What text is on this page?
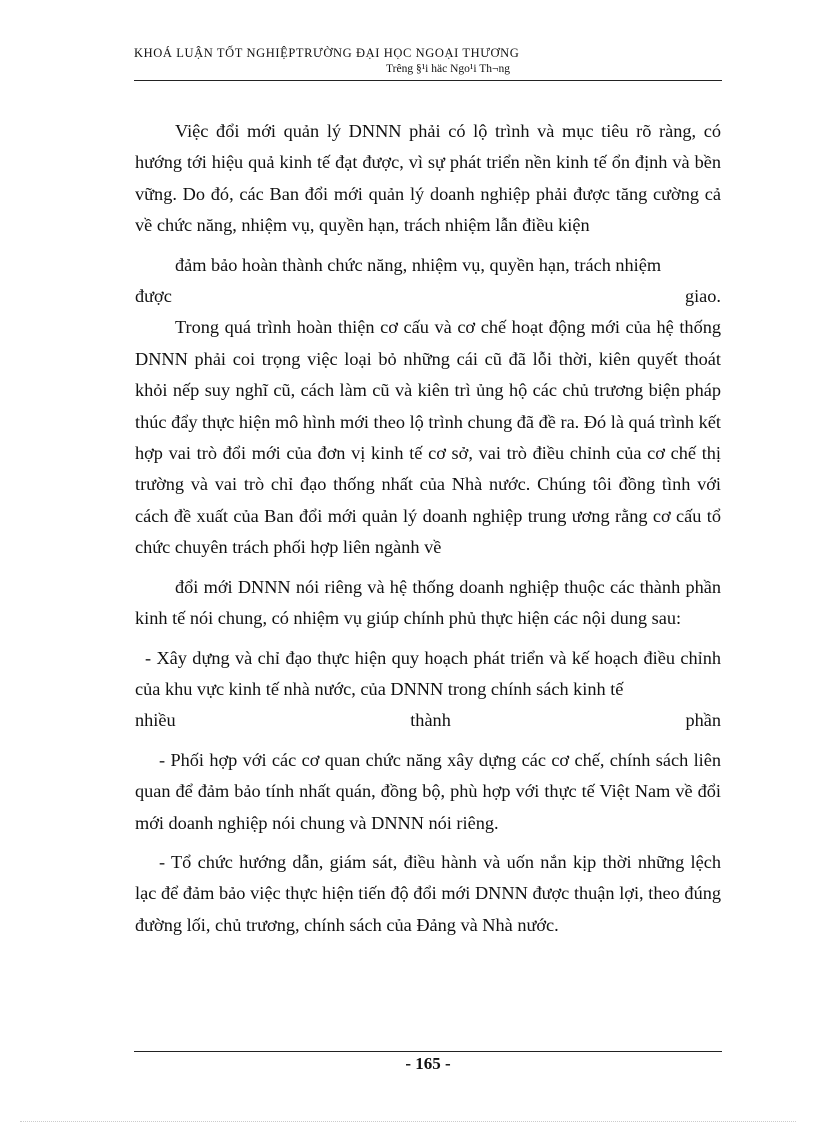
KHOÁ LUẬN TỐT NGHIỆPTRƯỜNG ĐẠI HỌC NGOẠI THƯƠNG
Trêng §¹i häc Ngo¹i Th¬ng

Việc đổi mới quản lý DNNN phải có lộ trình và mục tiêu rõ ràng, có hướng tới hiệu quả kinh tế đạt được, vì sự phát triển nền kinh tế ổn định và bền vững. Do đó, các Ban đổi mới quản lý doanh nghiệp phải được tăng cường cả về chức năng, nhiệm vụ, quyền hạn, trách nhiệm lẫn điều kiện

đảm bảo hoàn thành chức năng, nhiệm vụ, quyền hạn, trách nhiệm

được	giao.

Trong quá trình hoàn thiện cơ cấu và cơ chế hoạt động mới của hệ thống DNNN phải coi trọng việc loại bỏ những cái cũ đã lỗi thời, kiên quyết thoát khỏi nếp suy nghĩ cũ, cách làm cũ và kiên trì ủng hộ các chủ trương biện pháp thúc đẩy thực hiện mô hình mới theo lộ trình chung đã đề ra. Đó là quá trình kết hợp vai trò đổi mới của đơn vị kinh tế cơ sở, vai trò điều chỉnh của cơ chế thị trường và vai trò chỉ đạo thống nhất của Nhà nước. Chúng tôi đồng tình với cách đề xuất của Ban đổi mới quản lý doanh nghiệp trung ương rằng cơ cấu tổ chức chuyên trách phối hợp liên ngành về

đổi mới DNNN nói riêng và hệ thống doanh nghiệp thuộc các thành phần kinh tế nói chung, có nhiệm vụ giúp chính phủ thực hiện các nội dung sau:

- Xây dựng và chỉ đạo thực hiện quy hoạch phát triển và kế hoạch điều chỉnh của khu vực kinh tế nhà nước, của DNNN trong chính sách kinh tế

nhiều	thành	phần

- Phối hợp với các cơ quan chức năng xây dựng các cơ chế, chính sách liên quan để đảm bảo tính nhất quán, đồng bộ, phù hợp với thực tế Việt Nam về đổi mới doanh nghiệp nói chung và DNNN nói riêng.

- Tổ chức hướng dẫn, giám sát, điều hành và uốn nắn kịp thời những lệch lạc để đảm bảo việc thực hiện tiến độ đổi mới DNNN được thuận lợi, theo đúng đường lối, chủ trương, chính sách của Đảng và Nhà nước.

- 165 -
